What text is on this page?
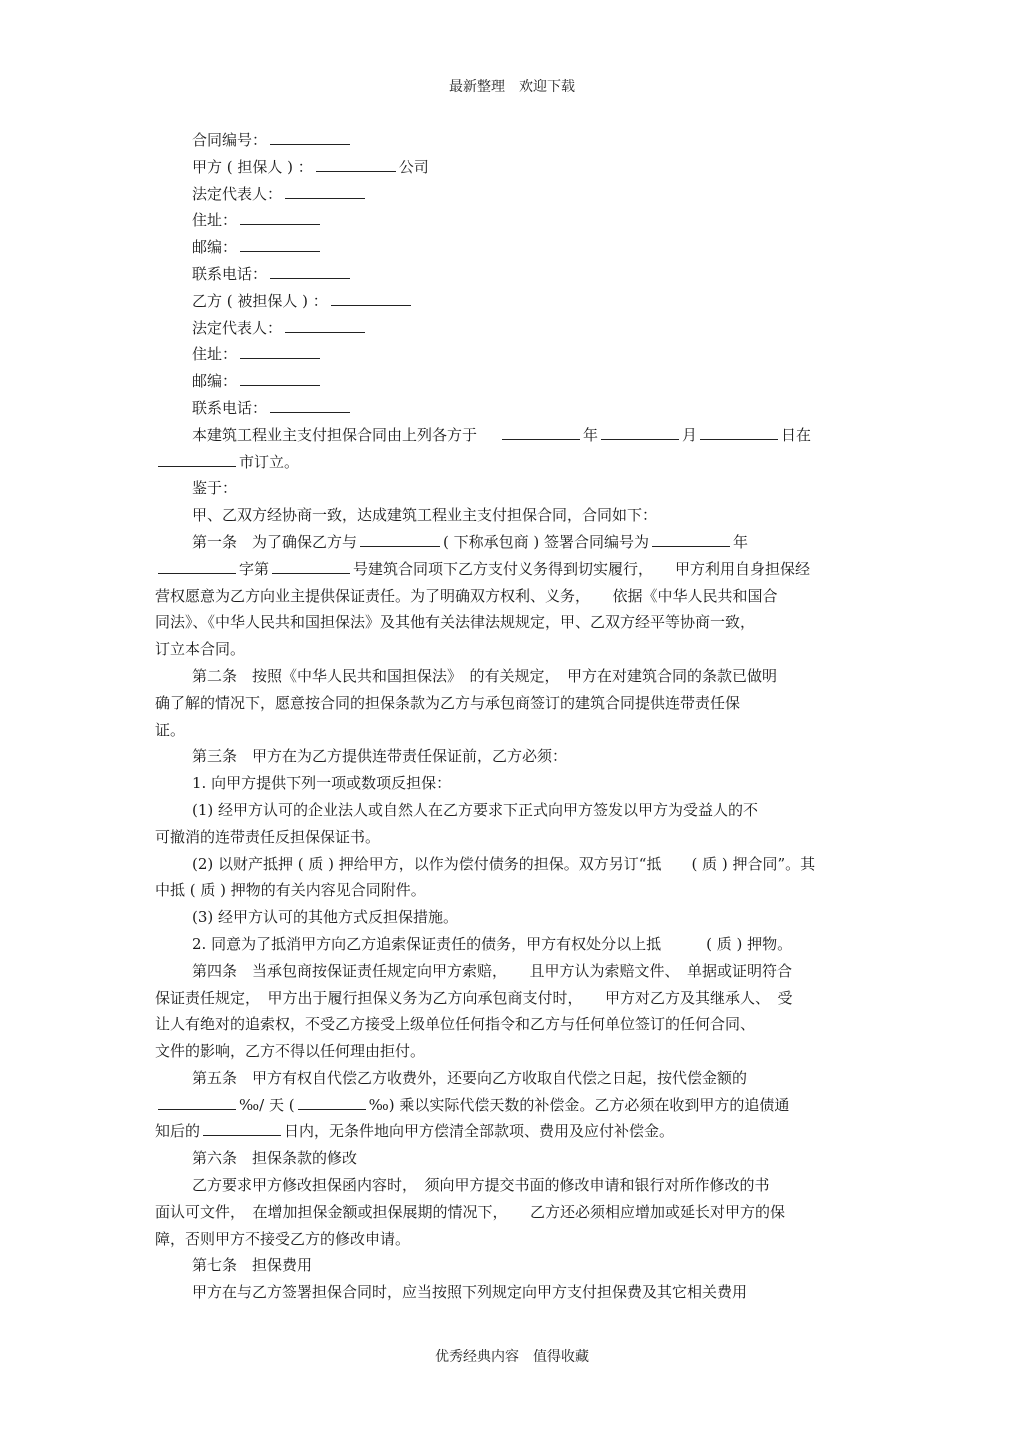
最新整理 欢迎下载
合同编号：
甲方 ( 担保人 ) ：	公司
法定代表人：
住址：
邮编：
联系电话：
乙方 ( 被担保人 ) ：
法定代表人：
住址：
邮编：
联系电话：
本建筑工程业主支付担保合同由上列各方于	年	月	日在
市订立。
鉴于：
甲、乙双方经协商一致，达成建筑工程业主支付担保合同，合同如下：
第一条　为了确保乙方与	( 下称承包商 ) 签署合同编号为	年
字第	号建筑合同项下乙方支付义务得到切实履行， 甲方利用自身担保经
营权愿意为乙方向业主提供保证责任。为了明确双方权利、义务，　　依据《中华人民共和国合
同法》、《中华人民共和国担保法》及其他有关法律法规规定，甲、乙双方经平等协商一致，
订立本合同。
第二条　按照《中华人民共和国担保法》　的有关规定，　甲方在对建筑合同的条款已做明
确了解的情况下，愿意按合同的担保条款为乙方与承包商签订的建筑合同提供连带责任保
证。
第三条　甲方在为乙方提供连带责任保证前，乙方必须：
1. 向甲方提供下列一项或数项反担保：
(1) 经甲方认可的企业法人或自然人在乙方要求下正式向甲方签发以甲方为受益人的不
可撤消的连带责任反担保保证书。
(2) 以财产抵押 ( 质 ) 押给甲方，以作为偿付债务的担保。双方另订“抵　　( 质 ) 押合同”。其
中抵 ( 质 ) 押物的有关内容见合同附件。
(3) 经甲方认可的其他方式反担保措施。
2. 同意为了抵消甲方向乙方追索保证责任的债务，甲方有权处分以上抵　　　( 质 ) 押物。
第四条　当承包商按保证责任规定向甲方索赔，　　且甲方认为索赔文件、　单据或证明符合
保证责任规定，　甲方出于履行担保义务为乙方向承包商支付时，　　甲方对乙方及其继承人、　受
让人有绝对的追索权，不受乙方接受上级单位任何指令和乙方与任何单位签订的任何合同、
文件的影响，乙方不得以任何理由拒付。
第五条　甲方有权自代偿乙方收费外，还要向乙方收取自代偿之日起，按代偿金额的
‰/ 天 (	‰) 乘以实际代偿天数的补偿金。乙方必须在收到甲方的追债通
知后的	日内，无条件地向甲方偿清全部款项、费用及应付补偿金。
第六条　担保条款的修改
乙方要求甲方修改担保函内容时，　须向甲方提交书面的修改申请和银行对所作修改的书
面认可文件，　在增加担保金额或担保展期的情况下，　　乙方还必须相应增加或延长对甲方的保
障，否则甲方不接受乙方的修改申请。
第七条　担保费用
甲方在与乙方签署担保合同时，应当按照下列规定向甲方支付担保费及其它相关费用
优秀经典内容 值得收藏
